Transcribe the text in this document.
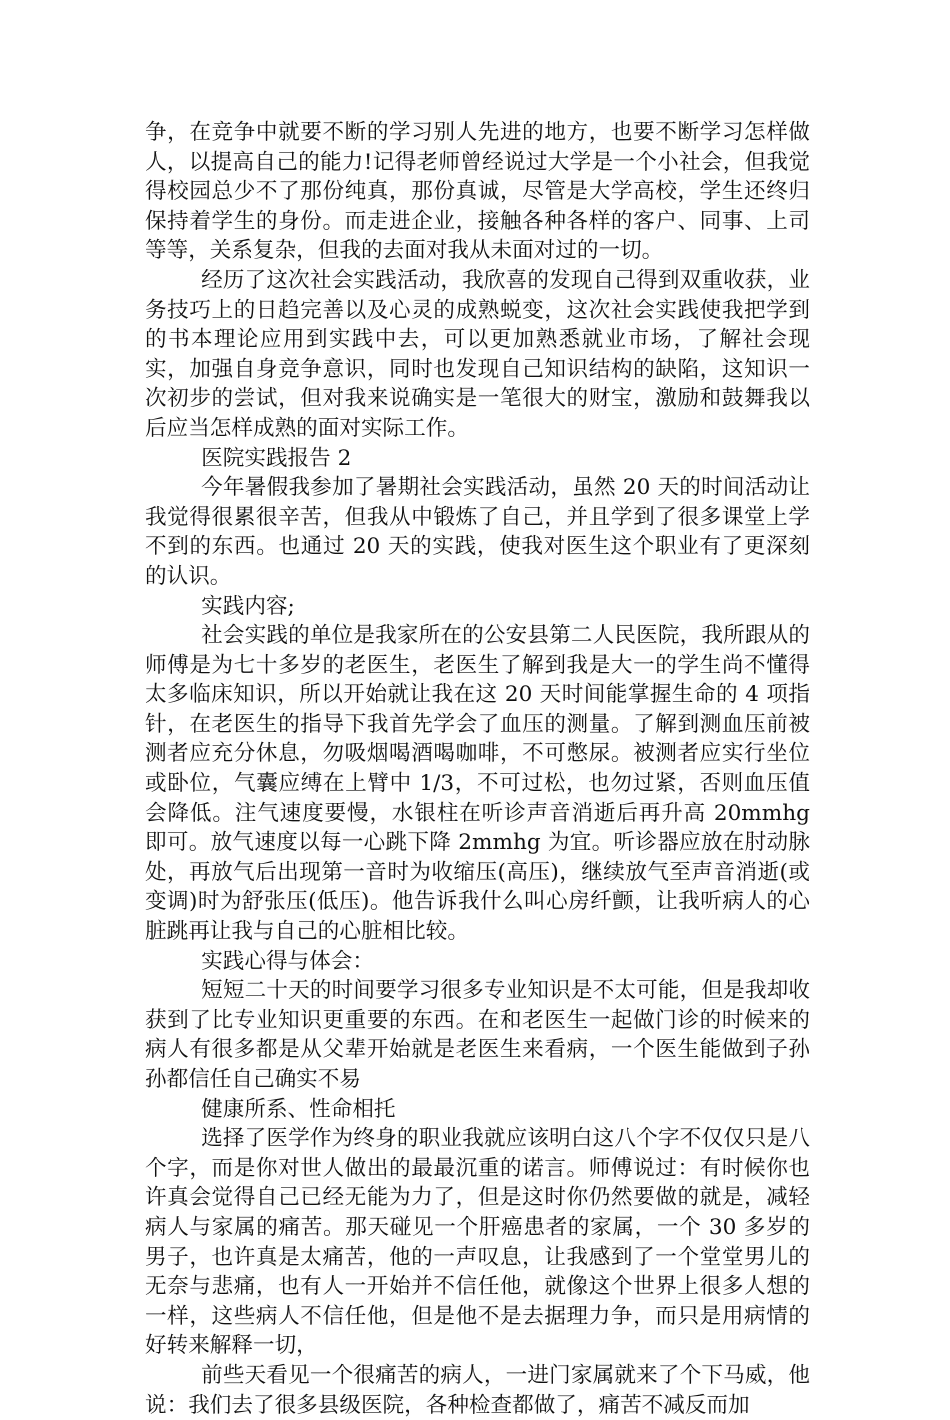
争，在竞争中就要不断的学习别人先进的地方，也要不断学习怎样做人，以提高自己的能力!记得老师曾经说过大学是一个小社会，但我觉得校园总少不了那份纯真，那份真诚，尽管是大学高校，学生还终归保持着学生的身份。而走进企业，接触各种各样的客户、同事、上司等等，关系复杂，但我的去面对我从未面对过的一切。

经历了这次社会实践活动，我欣喜的发现自己得到双重收获，业务技巧上的日趋完善以及心灵的成熟蜕变，这次社会实践使我把学到的书本理论应用到实践中去，可以更加熟悉就业市场，了解社会现实，加强自身竞争意识，同时也发现自己知识结构的缺陷，这知识一次初步的尝试，但对我来说确实是一笔很大的财宝，激励和鼓舞我以后应当怎样成熟的面对实际工作。

医院实践报告 2

今年暑假我参加了暑期社会实践活动，虽然 20 天的时间活动让我觉得很累很辛苦，但我从中锻炼了自己，并且学到了很多课堂上学不到的东西。也通过 20 天的实践，使我对医生这个职业有了更深刻的认识。

实践内容;

社会实践的单位是我家所在的公安县第二人民医院，我所跟从的师傅是为七十多岁的老医生，老医生了解到我是大一的学生尚不懂得太多临床知识，所以开始就让我在这 20 天时间能掌握生命的 4 项指针，在老医生的指导下我首先学会了血压的测量。了解到测血压前被测者应充分休息，勿吸烟喝酒喝咖啡，不可憋尿。被测者应实行坐位或卧位，气囊应缚在上臂中 1/3，不可过松，也勿过紧，否则血压值会降低。注气速度要慢，水银柱在听诊声音消逝后再升高 20mmhg 即可。放气速度以每一心跳下降 2mmhg 为宜。听诊器应放在肘动脉处，再放气后出现第一音时为收缩压(高压)，继续放气至声音消逝(或变调)时为舒张压(低压)。他告诉我什么叫心房纤颤，让我听病人的心脏跳再让我与自己的心脏相比较。

实践心得与体会：

短短二十天的时间要学习很多专业知识是不太可能，但是我却收获到了比专业知识更重要的东西。在和老医生一起做门诊的时候来的病人有很多都是从父辈开始就是老医生来看病，一个医生能做到子孙孙都信任自己确实不易

健康所系、性命相托

选择了医学作为终身的职业我就应该明白这八个字不仅仅只是八个字，而是你对世人做出的最最沉重的诺言。师傅说过：有时候你也许真会觉得自己已经无能为力了，但是这时你仍然要做的就是，减轻病人与家属的痛苦。那天碰见一个肝癌患者的家属，一个 30 多岁的男子，也许真是太痛苦，他的一声叹息，让我感到了一个堂堂男儿的无奈与悲痛，也有人一开始并不信任他，就像这个世界上很多人想的一样，这些病人不信任他，但是他不是去据理力争，而只是用病情的好转来解释一切，

前些天看见一个很痛苦的病人，一进门家属就来了个下马威，他说：我们去了很多县级医院，各种检查都做了，痛苦不减反而加
